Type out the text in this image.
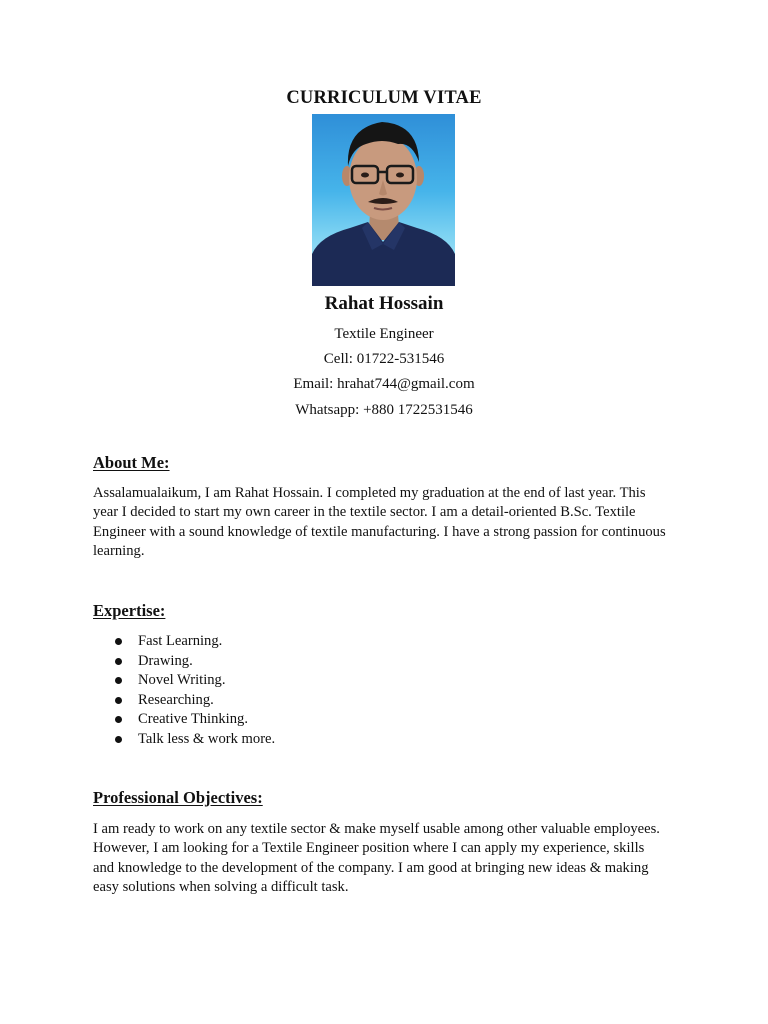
CURRICULUM VITAE
Rahat Hossain
Textile Engineer
Cell: 01722-531546
Email: hrahat744@gmail.com
Whatsapp: +880 1722531546
About Me:
Assalamualaikum, I am Rahat Hossain. I completed my graduation at the end of last year. This year I decided to start my own career in the textile sector. I am a detail-oriented B.Sc. Textile Engineer with a sound knowledge of textile manufacturing. I have a strong passion for continuous learning.
Expertise:
Fast Learning.
Drawing.
Novel Writing.
Researching.
Creative Thinking.
Talk less & work more.
Professional Objectives:
I am ready to work on any textile sector & make myself usable among other valuable employees. However, I am looking for a Textile Engineer position where I can apply my experience, skills and knowledge to the development of the company. I am good at bringing new ideas & making easy solutions when solving a difficult task.
